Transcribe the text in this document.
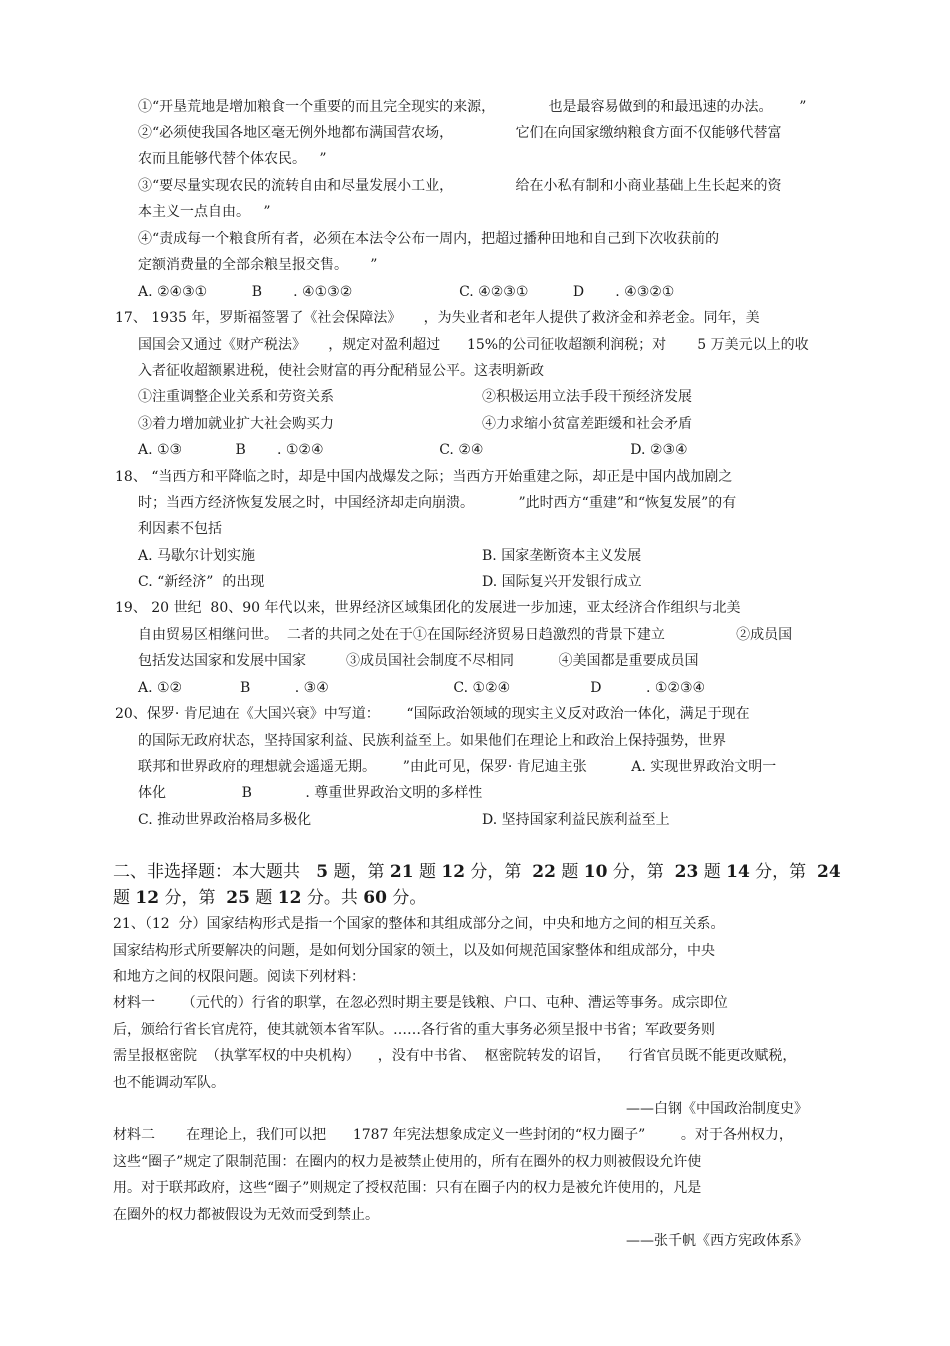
①“开垦荒地是增加粮食一个重要的而且完全现实的来源，            也是最容易做到的和最迅速的办法。      ”
②“必须使我国各地区毫无例外地都布满国营农场，              它们在向国家缴纳粮食方面不仅能够代替富
农而且能够代替个体农民。   ”
③“要尽量实现农民的流转自由和尽量发展小工业，              给在小私有制和小商业基础上生长起来的资
本主义一点自由。   ”
④“责成每一个粮食所有者，必须在本法令公布一周内，把超过播种田地和自己到下次收获前的
定额消费量的全部余粮呈报交售。     ”
A. ②④③①          B       . ④①③②                        C. ④②③①          D       . ④③②①
17、 1935 年，罗斯福签署了《社会保障法》     ，为失业者和老年人提供了救济金和养老金。同年，美
国国会又通过《财产税法》     ，规定对盈利超过      15%的公司征收超额利润税；对       5 万美元以上的收
入者征收超额累进税，使社会财富的再分配稍显公平。这表明新政
①注重调整企业关系和劳资关系	②积极运用立法手段干预经济发展
③着力增加就业扩大社会购买力	④力求缩小贫富差距缓和社会矛盾
A. ①③            B       . ①②④                          C. ②④                                 D. ②③④
18、 “当西方和平降临之时，却是中国内战爆发之际；当西方开始重建之际，却正是中国内战加剧之
时；当西方经济恢复发展之时，中国经济却走向崩溃。          ”此时西方“重建”和“恢复发展”的有
利因素不包括
A. 马歇尔计划实施	B. 国家垄断资本主义发展
C. “新经济”  的出现	D. 国际复兴开发银行成立
19、 20 世纪  80、90 年代以来，世界经济区域集团化的发展进一步加速，亚太经济合作组织与北美
自由贸易区相继问世。  二者的共同之处在于①在国际经济贸易日趋激烈的背景下建立                ②成员国
包括发达国家和发展中国家         ③成员国社会制度不尽相同          ④美国都是重要成员国
A. ①②             B          . ③④                            C. ①②④                  D          . ①②③④
20、保罗· 肯尼迪在《大国兴衰》中写道：      “国际政治领域的现实主义反对政治一体化，满足于现在
的国际无政府状态，坚持国家利益、民族利益至上。如果他们在理论上和政治上保持强势，世界
联邦和世界政府的理想就会遥遥无期。      ”由此可见，保罗· 肯尼迪主张          A. 实现世界政治文明一
体化                 B            . 尊重世界政治文明的多样性
C. 推动世界政治格局多极化	D. 坚持国家利益民族利益至上
二、非选择题：本大题共   5 题，第 21 题 12 分，第  22 题 10 分，第  23 题 14 分，第  24
题 12 分，第  25 题 12 分。共 60 分。
21、（12  分）国家结构形式是指一个国家的整体和其组成部分之间，中央和地方之间的相互关系。
国家结构形式所要解决的问题，是如何划分国家的领土，以及如何规范国家整体和组成部分，中央
和地方之间的权限问题。阅读下列材料：
材料一      （元代的）行省的职掌，在忽必烈时期主要是钱粮、户口、屯种、漕运等事务。成宗即位
后，颁给行省长官虎符，使其就领本省军队。……各行省的重大事务必须呈报中书省；军政要务则
需呈报枢密院  （执掌军权的中央机构）    ，没有中书省、  枢密院转发的诏旨，    行省官员既不能更改赋税，
也不能调动军队。
——白钢《中国政治制度史》
材料二       在理论上，我们可以把      1787 年宪法想象成定义一些封闭的“权力圈子”        。对于各州权力，
这些“圈子”规定了限制范围：在圈内的权力是被禁止使用的，所有在圈外的权力则被假设允许使
用。对于联邦政府，这些“圈子”则规定了授权范围：只有在圈子内的权力是被允许使用的，凡是
在圈外的权力都被假设为无效而受到禁止。
——张千帆《西方宪政体系》
